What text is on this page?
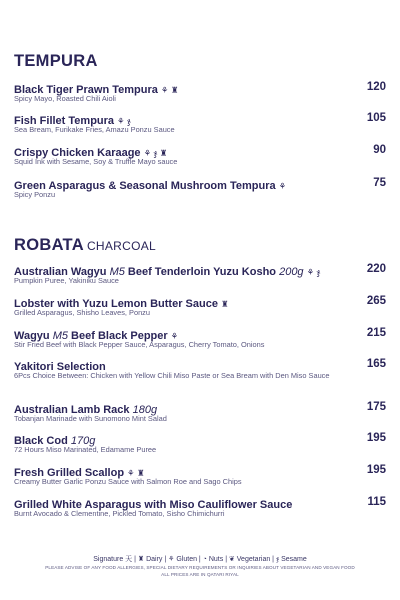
TEMPURA
Black Tiger Prawn Tempura ⚘ ♜	120
Spicy Mayo, Roasted Chili Aioli
Fish Fillet Tempura ⚘ ჯ	105
Sea Bream, Furikake Fries, Amazu Ponzu Sauce
Crispy Chicken Karaage ⚘ ჯ ♜	90
Squid Ink with Sesame, Soy & Truffle Mayo sauce
Green Asparagus & Seasonal Mushroom Tempura ⚘	75
Spicy Ponzu
ROBATA CHARCOAL
Australian Wagyu M5 Beef Tenderloin Yuzu Kosho 200g ⚘ ჯ	220
Pumpkin Puree, Yakiniku Sauce
Lobster with Yuzu Lemon Butter Sauce ♜	265
Grilled Asparagus, Shisho Leaves, Ponzu
Wagyu M5 Beef Black Pepper ⚘	215
Stir Fried Beef with Black Pepper Sauce, Asparagus, Cherry Tomato, Onions
Yakitori Selection	165
6Pcs Choice Between: Chicken with Yellow Chili Miso Paste or Sea Bream with Den Miso Sauce
Australian Lamb Rack 180g	175
Tobanjan Marinade with Sunomono Mint Salad
Black Cod 170g	195
72 Hours Miso Marinated, Edamame Puree
Fresh Grilled Scallop ⚘ ♜	195
Creamy Butter Garlic Ponzu Sauce with Salmon Roe and Sago Chips
Grilled White Asparagus with Miso Cauliflower Sauce	115
Burnt Avocado & Clementine, Pickled Tomato, Sisho Chimichurri
Signature 天 | ♜ Dairy | ⚘ Gluten | ◔ Nuts | ❦ Vegetarian | ჯ Sesame
PLEASE ADVISE OF ANY FOOD ALLERGIES, SPECIAL DIETARY REQUIREMENTS OR INQUIRIES ABOUT VEGETARIAN AND VEGAN FOOD
ALL PRICES ARE IN QATARI RIYAL
